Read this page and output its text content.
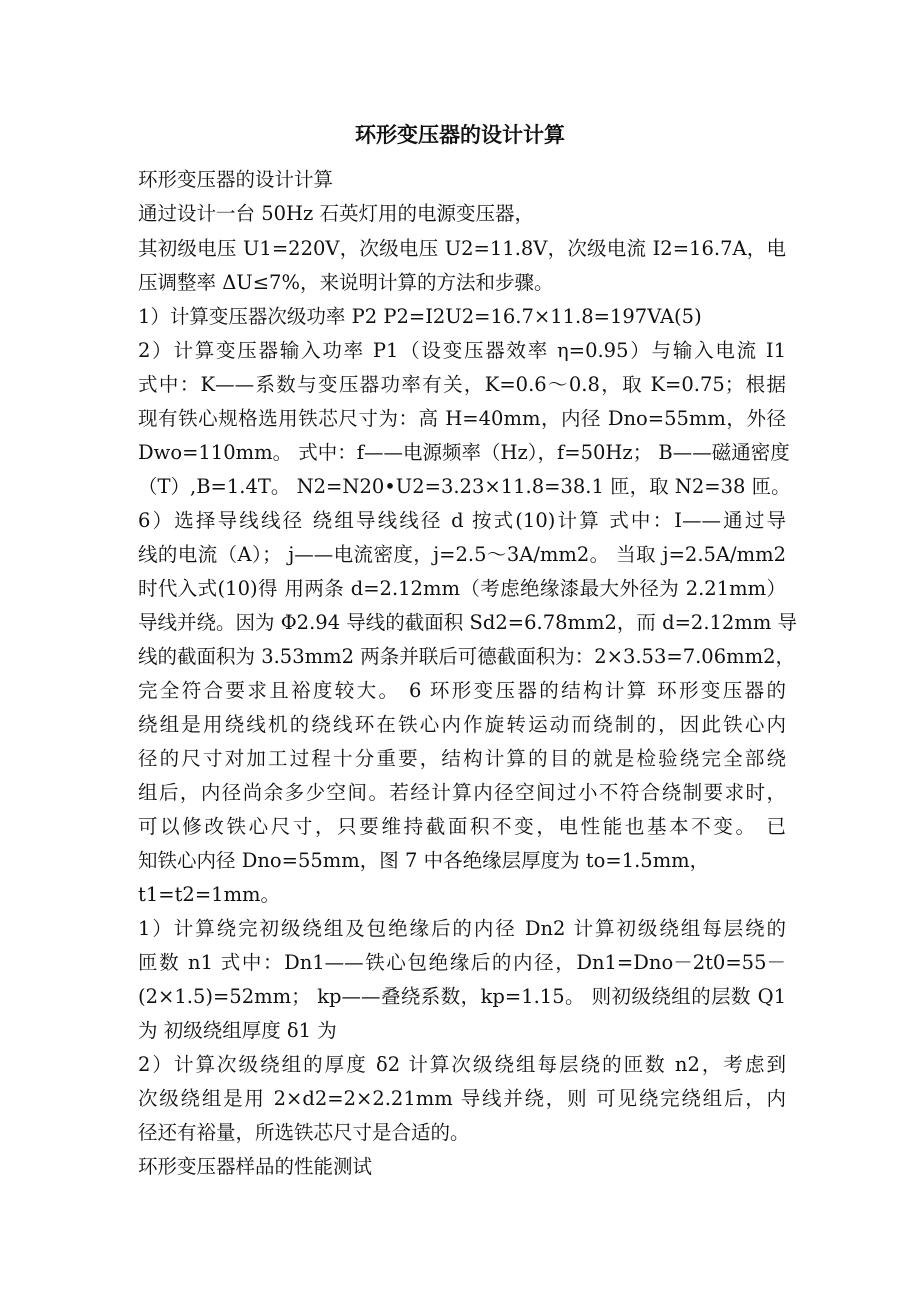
环形变压器的设计计算
环形变压器的设计计算
通过设计一台 50Hz 石英灯用的电源变压器，
其初级电压 U1=220V，次级电压 U2=11.8V，次级电流 I2=16.7A，电
压调整率 ΔU≤7%，来说明计算的方法和步骤。
1）计算变压器次级功率 P2 P2=I2U2=16.7×11.8=197VA(5)
2）计算变压器输入功率 P1（设变压器效率 η=0.95）与输入电流 I1
式中：K——系数与变压器功率有关，K=0.6～0.8，取 K=0.75；根据
现有铁心规格选用铁芯尺寸为：高 H=40mm，内径 Dno=55mm，外径
Dwo=110mm。 式中：f——电源频率（Hz），f=50Hz； B——磁通密度
（T）,B=1.4T。 N2=N20•U2=3.23×11.8=38.1 匝，取 N2=38 匝。
6）选择导线线径 绕组导线线径 d 按式(10)计算 式中：I——通过导
线的电流（A）； j——电流密度，j=2.5～3A/mm2。 当取 j=2.5A/mm2
时代入式(10)得 用两条 d=2.12mm（考虑绝缘漆最大外径为 2.21mm）
导线并绕。因为 Φ2.94 导线的截面积 Sd2=6.78mm2，而 d=2.12mm 导
线的截面积为 3.53mm2 两条并联后可德截面积为：2×3.53=7.06mm2，
完全符合要求且裕度较大。 6 环形变压器的结构计算 环形变压器的
绕组是用绕线机的绕线环在铁心内作旋转运动而绕制的，因此铁心内
径的尺寸对加工过程十分重要，结构计算的目的就是检验绕完全部绕
组后，内径尚余多少空间。若经计算内径空间过小不符合绕制要求时，
可以修改铁心尺寸，只要维持截面积不变，电性能也基本不变。 已
知铁心内径 Dno=55mm，图 7 中各绝缘层厚度为 to=1.5mm，
t1=t2=1mm。
1）计算绕完初级绕组及包绝缘后的内径 Dn2 计算初级绕组每层绕的
匝数 n1 式中：Dn1——铁心包绝缘后的内径，Dn1=Dno－2t0=55－
(2×1.5)=52mm； kp——叠绕系数，kp=1.15。 则初级绕组的层数 Q1
为 初级绕组厚度 δ1 为
2）计算次级绕组的厚度 δ2 计算次级绕组每层绕的匝数 n2，考虑到
次级绕组是用 2×d2=2×2.21mm 导线并绕，则 可见绕完绕组后，内
径还有裕量，所选铁芯尺寸是合适的。
环形变压器样品的性能测试
